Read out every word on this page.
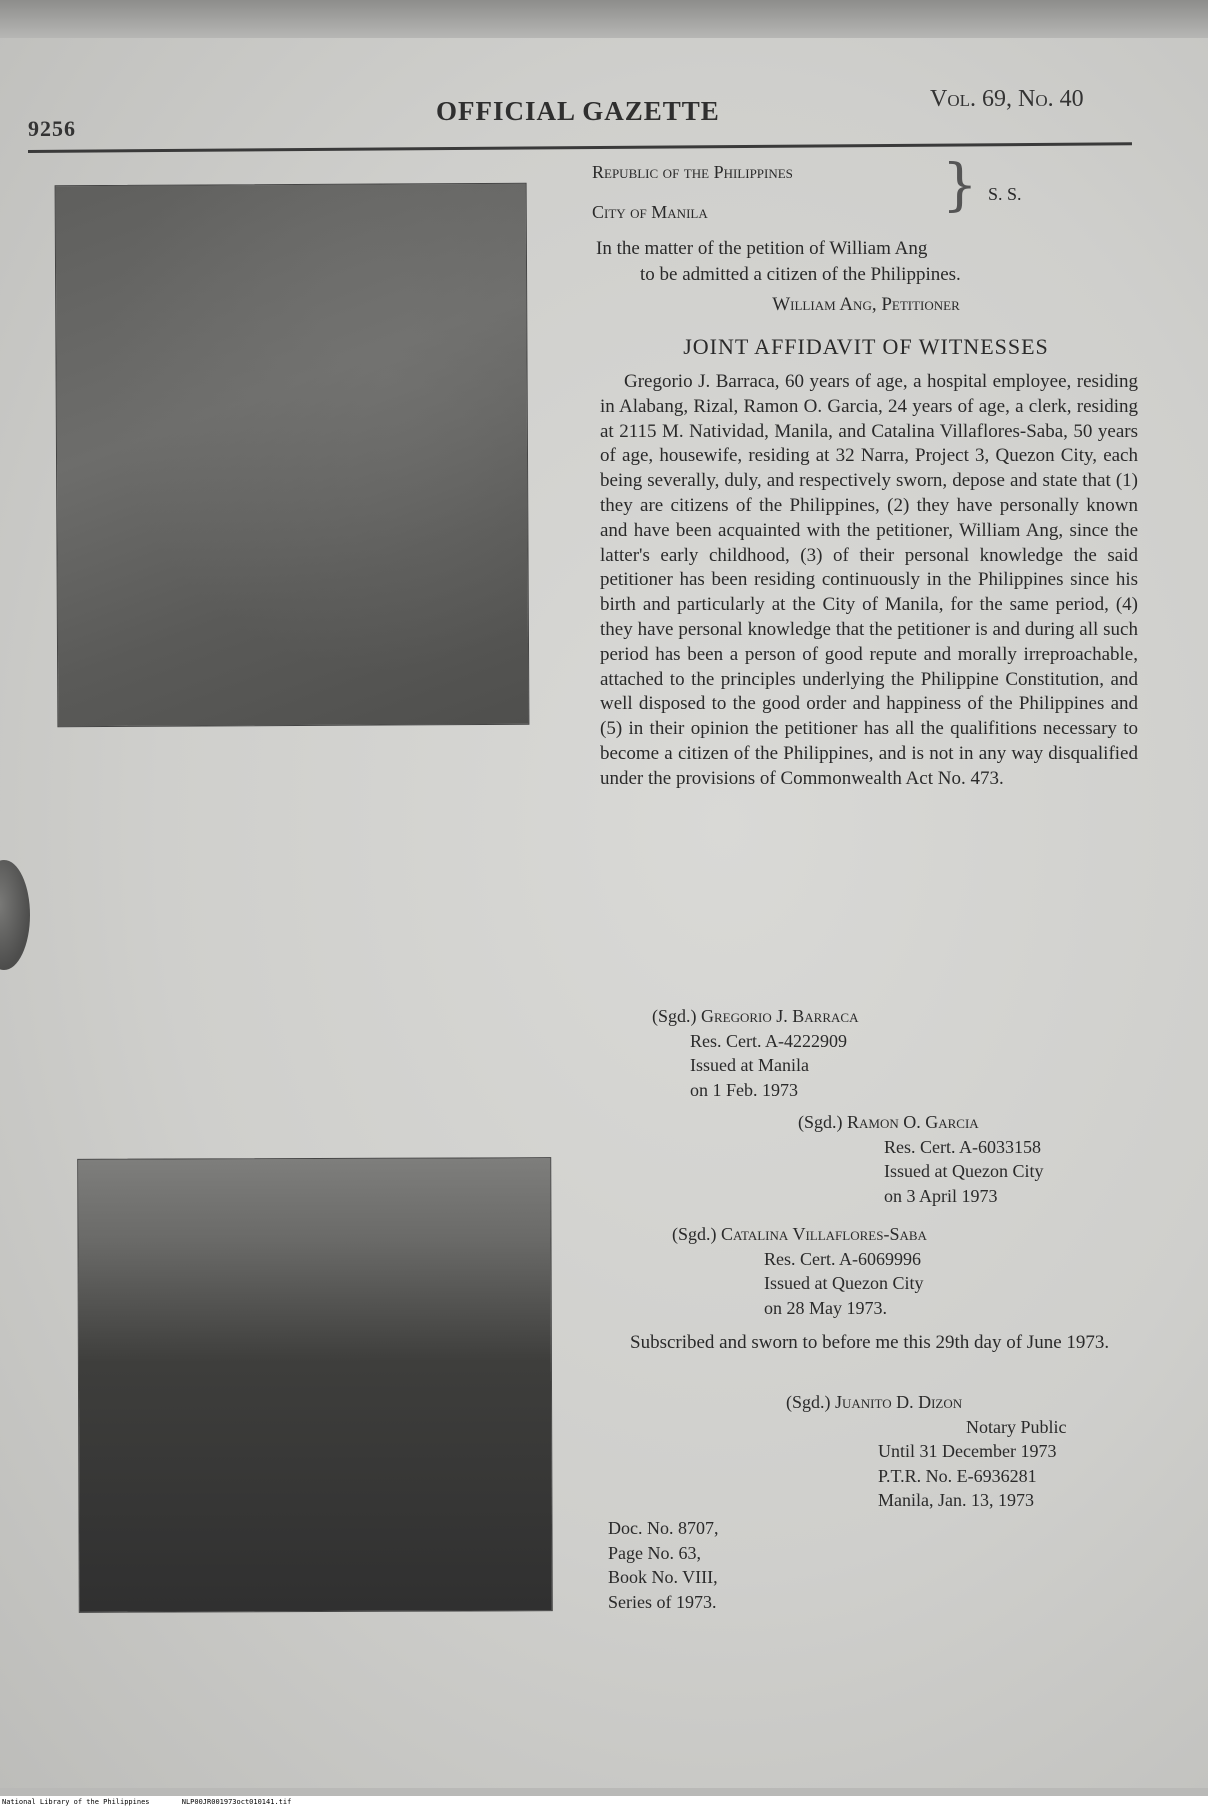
9256
OFFICIAL GAZETTE	Vol. 69, No. 40
Republic of the Philippines
City of Manila	} S. S.
In the matter of the petition of William Ang
to be admitted a citizen of the Philippines.
William Ang, Petitioner
JOINT AFFIDAVIT OF WITNESSES
Gregorio J. Barraca, 60 years of age, a hospital employee, residing in Alabang, Rizal, Ramon O. Garcia, 24 years of age, a clerk, residing at 2115 M. Natividad, Manila, and Catalina Villaflores-Saba, 50 years of age, housewife, residing at 32 Narra, Project 3, Quezon City, each being severally, duly, and respectively sworn, depose and state that (1) they are citizens of the Philippines, (2) they have personally known and have been acquainted with the petitioner, William Ang, since the latter's early childhood, (3) of their personal knowledge the said petitioner has been residing continuously in the Philippines since his birth and particularly at the City of Manila, for the same period, (4) they have personal knowledge that the petitioner is and during all such period has been a person of good repute and morally irreproachable, attached to the principles underlying the Philippine Constitution, and well disposed to the good order and happiness of the Philippines and (5) in their opinion the petitioner has all the qualifitions necessary to become a citizen of the Philippines, and is not in any way disqualified under the provisions of Commonwealth Act No. 473.
(Sgd.) Gregorio J. Barraca
Res. Cert. A-4222909
Issued at Manila
on 1 Feb. 1973
(Sgd.) Ramon O. Garcia
Res. Cert. A-6033158
Issued at Quezon City
on 3 April 1973
(Sgd.) Catalina Villaflores-Saba
Res. Cert. A-6069996
Issued at Quezon City
on 28 May 1973.
Subscribed and sworn to before me this 29th day of June 1973.
(Sgd.) Juanito D. Dizon
Notary Public
Until 31 December 1973
P.T.R. No. E-6936281
Manila, Jan. 13, 1973
Doc. No. 8707,
Page No. 63,
Book No. VIII,
Series of 1973.
National Library of the Philippines	NLP00JR001973oct010141.tif
